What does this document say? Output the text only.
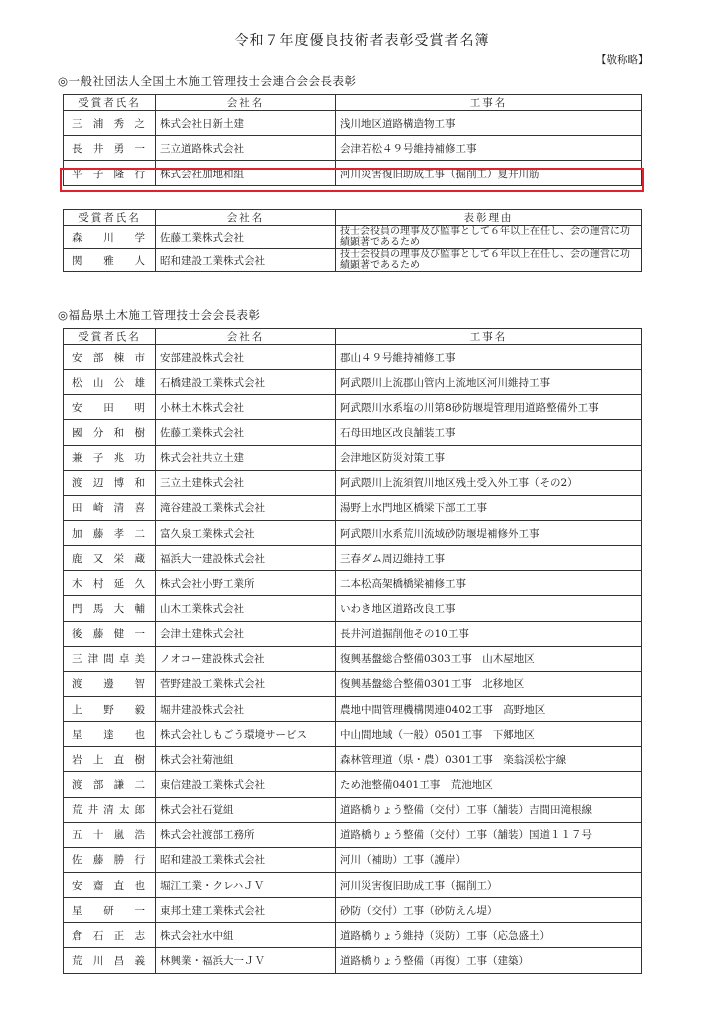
令和７年度優良技術者表彰受賞者名簿
【敬称略】
◎一般社団法人全国土木施工管理技士会連合会会長表彰
受賞者氏名	会社名	工事名
三浦秀之	株式会社日新土建	浅川地区道路構造物工事
長井勇一	三立道路株式会社	会津若松４９号維持補修工事
平子隆行	株式会社加地和組	河川災害復旧助成工事（掘削工）夏井川筋
受賞者氏名	会社名	表彰理由
森川学	佐藤工業株式会社	技士会役員の理事及び監事として６年以上在任し、会の運営に功績顕著であるため
関雅人	昭和建設工業株式会社	技士会役員の理事及び監事として６年以上在任し、会の運営に功績顕著であるため
◎福島県土木施工管理技士会会長表彰
受賞者氏名	会社名	工事名
安部棟市	安部建設株式会社	郡山４９号維持補修工事
松山公雄	石橋建設工業株式会社	阿武隈川上流郡山管内上流地区河川維持工事
安田明	小林土木株式会社	阿武隈川水系塩の川第8砂防堰堤管理用道路整備外工事
國分和樹	佐藤工業株式会社	石母田地区改良舗装工事
兼子兆功	株式会社共立土建	会津地区防災対策工事
渡辺博和	三立土建株式会社	阿武隈川上流須賀川地区残土受入外工事（その2）
田崎清喜	滝谷建設工業株式会社	湯野上水門地区橋梁下部工工事
加藤孝二	富久泉工業株式会社	阿武隈川水系荒川流域砂防堰堤補修外工事
鹿又栄蔵	福浜大一建設株式会社	三春ダム周辺維持工事
木村延久	株式会社小野工業所	二本松高架橋橋梁補修工事
門馬大輔	山木工業株式会社	いわき地区道路改良工事
後藤健一	会津土建株式会社	長井河道掘削他その10工事
三津間卓美	ノオコー建設株式会社	復興基盤総合整備0303工事　山木屋地区
渡邊智	菅野建設工業株式会社	復興基盤総合整備0301工事　北移地区
上野毅	堀井建設株式会社	農地中間管理機構関連0402工事　高野地区
星達也	株式会社しもごう環境サービス	中山間地域（一般）0501工事　下郷地区
岩上直樹	株式会社菊池組	森林管理道（県・農）0301工事　楽翁渓松宇線
渡部謙二	東信建設工業株式会社	ため池整備0401工事　荒池地区
荒井清太郎	株式会社石覚組	道路橋りょう整備（交付）工事（舗装）吉間田滝根線
五十嵐浩	株式会社渡部工務所	道路橋りょう整備（交付）工事（舗装）国道１１７号
佐藤勝行	昭和建設工業株式会社	河川（補助）工事（護岸）
安齋直也	堀江工業・クレハＪＶ	河川災害復旧助成工事（掘削工）
星研一	東邦土建工業株式会社	砂防（交付）工事（砂防えん堤）
倉石正志	株式会社水中組	道路橋りょう維持（災防）工事（応急盛土）
荒川昌義	林興業・福浜大一ＪＶ	道路橋りょう整備（再復）工事（建築）
